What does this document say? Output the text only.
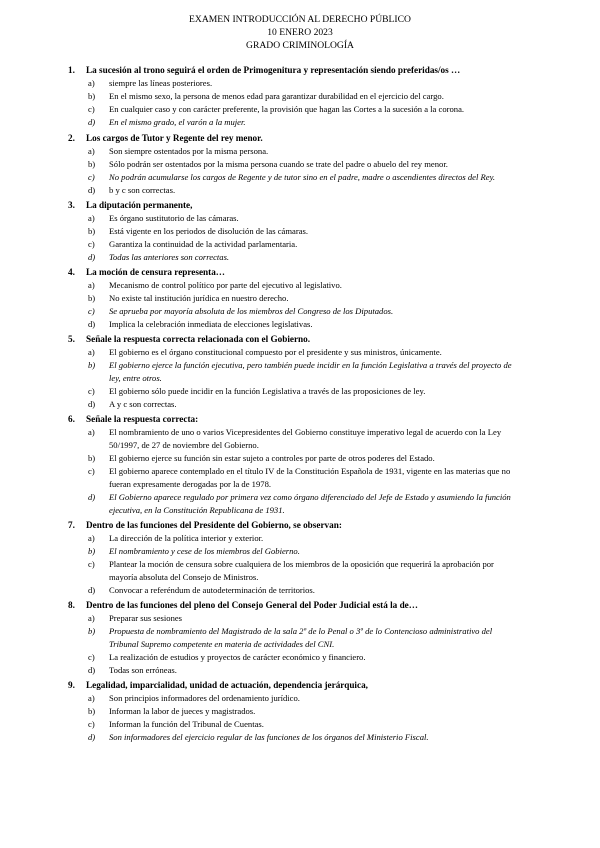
EXAMEN INTRODUCCIÓN AL DERECHO PÚBLICO
10 ENERO 2023
GRADO CRIMINOLOGÍA
1. La sucesión al trono seguirá el orden de Primogenitura y representación siendo preferidas/os …
a) siempre las líneas posteriores.
b) En el mismo sexo, la persona de menos edad para garantizar durabilidad en el ejercicio del cargo.
c) En cualquier caso y con carácter preferente, la provisión que hagan las Cortes a la sucesión a la corona.
d) En el mismo grado, el varón a la mujer.
2. Los cargos de Tutor y Regente del rey menor.
a) Son siempre ostentados por la misma persona.
b) Sólo podrán ser ostentados por la misma persona cuando se trate del padre o abuelo del rey menor.
c) No podrán acumularse los cargos de Regente y de tutor sino en el padre, madre o ascendientes directos del Rey.
d) b y c son correctas.
3. La diputación permanente,
a) Es órgano sustitutorio de las cámaras.
b) Está vigente en los periodos de disolución de las cámaras.
c) Garantiza la continuidad de la actividad parlamentaria.
d) Todas las anteriores son correctas.
4. La moción de censura representa…
a) Mecanismo de control político por parte del ejecutivo al legislativo.
b) No existe tal institución jurídica en nuestro derecho.
c) Se aprueba por mayoría absoluta de los miembros del Congreso de los Diputados.
d) Implica la celebración inmediata de elecciones legislativas.
5. Señale la respuesta correcta relacionada con el Gobierno.
a) El gobierno es el órgano constitucional compuesto por el presidente y sus ministros, únicamente.
b) El gobierno ejerce la función ejecutiva, pero también puede incidir en la función Legislativa a través del proyecto de ley, entre otros.
c) El gobierno sólo puede incidir en la función Legislativa a través de las proposiciones de ley.
d) A y c son correctas.
6. Señale la respuesta correcta:
a) El nombramiento de uno o varios Vicepresidentes del Gobierno constituye imperativo legal de acuerdo con la Ley 50/1997, de 27 de noviembre del Gobierno.
b) El gobierno ejerce su función sin estar sujeto a controles por parte de otros poderes del Estado.
c) El gobierno aparece contemplado en el título IV de la Constitución Española de 1931, vigente en las materias que no fueran expresamente derogadas por la de 1978.
d) El Gobierno aparece regulado por primera vez como órgano diferenciado del Jefe de Estado y asumiendo la función ejecutiva, en la Constitución Republicana de 1931.
7. Dentro de las funciones del Presidente del Gobierno, se observan:
a) La dirección de la política interior y exterior.
b) El nombramiento y cese de los miembros del Gobierno.
c) Plantear la moción de censura sobre cualquiera de los miembros de la oposición que requerirá la aprobación por mayoría absoluta del Consejo de Ministros.
d) Convocar a referéndum de autodeterminación de territorios.
8. Dentro de las funciones del pleno del Consejo General del Poder Judicial está la de…
a) Preparar sus sesiones
b) Propuesta de nombramiento del Magistrado de la sala 2º de lo Penal o 3º de lo Contencioso administrativo del Tribunal Supremo competente en materia de actividades del CNI.
c) La realización de estudios y proyectos de carácter económico y financiero.
d) Todas son erróneas.
9. Legalidad, imparcialidad, unidad de actuación, dependencia jerárquica,
a) Son principios informadores del ordenamiento jurídico.
b) Informan la labor de jueces y magistrados.
c) Informan la función del Tribunal de Cuentas.
d) Son informadores del ejercicio regular de las funciones de los órganos del Ministerio Fiscal.
